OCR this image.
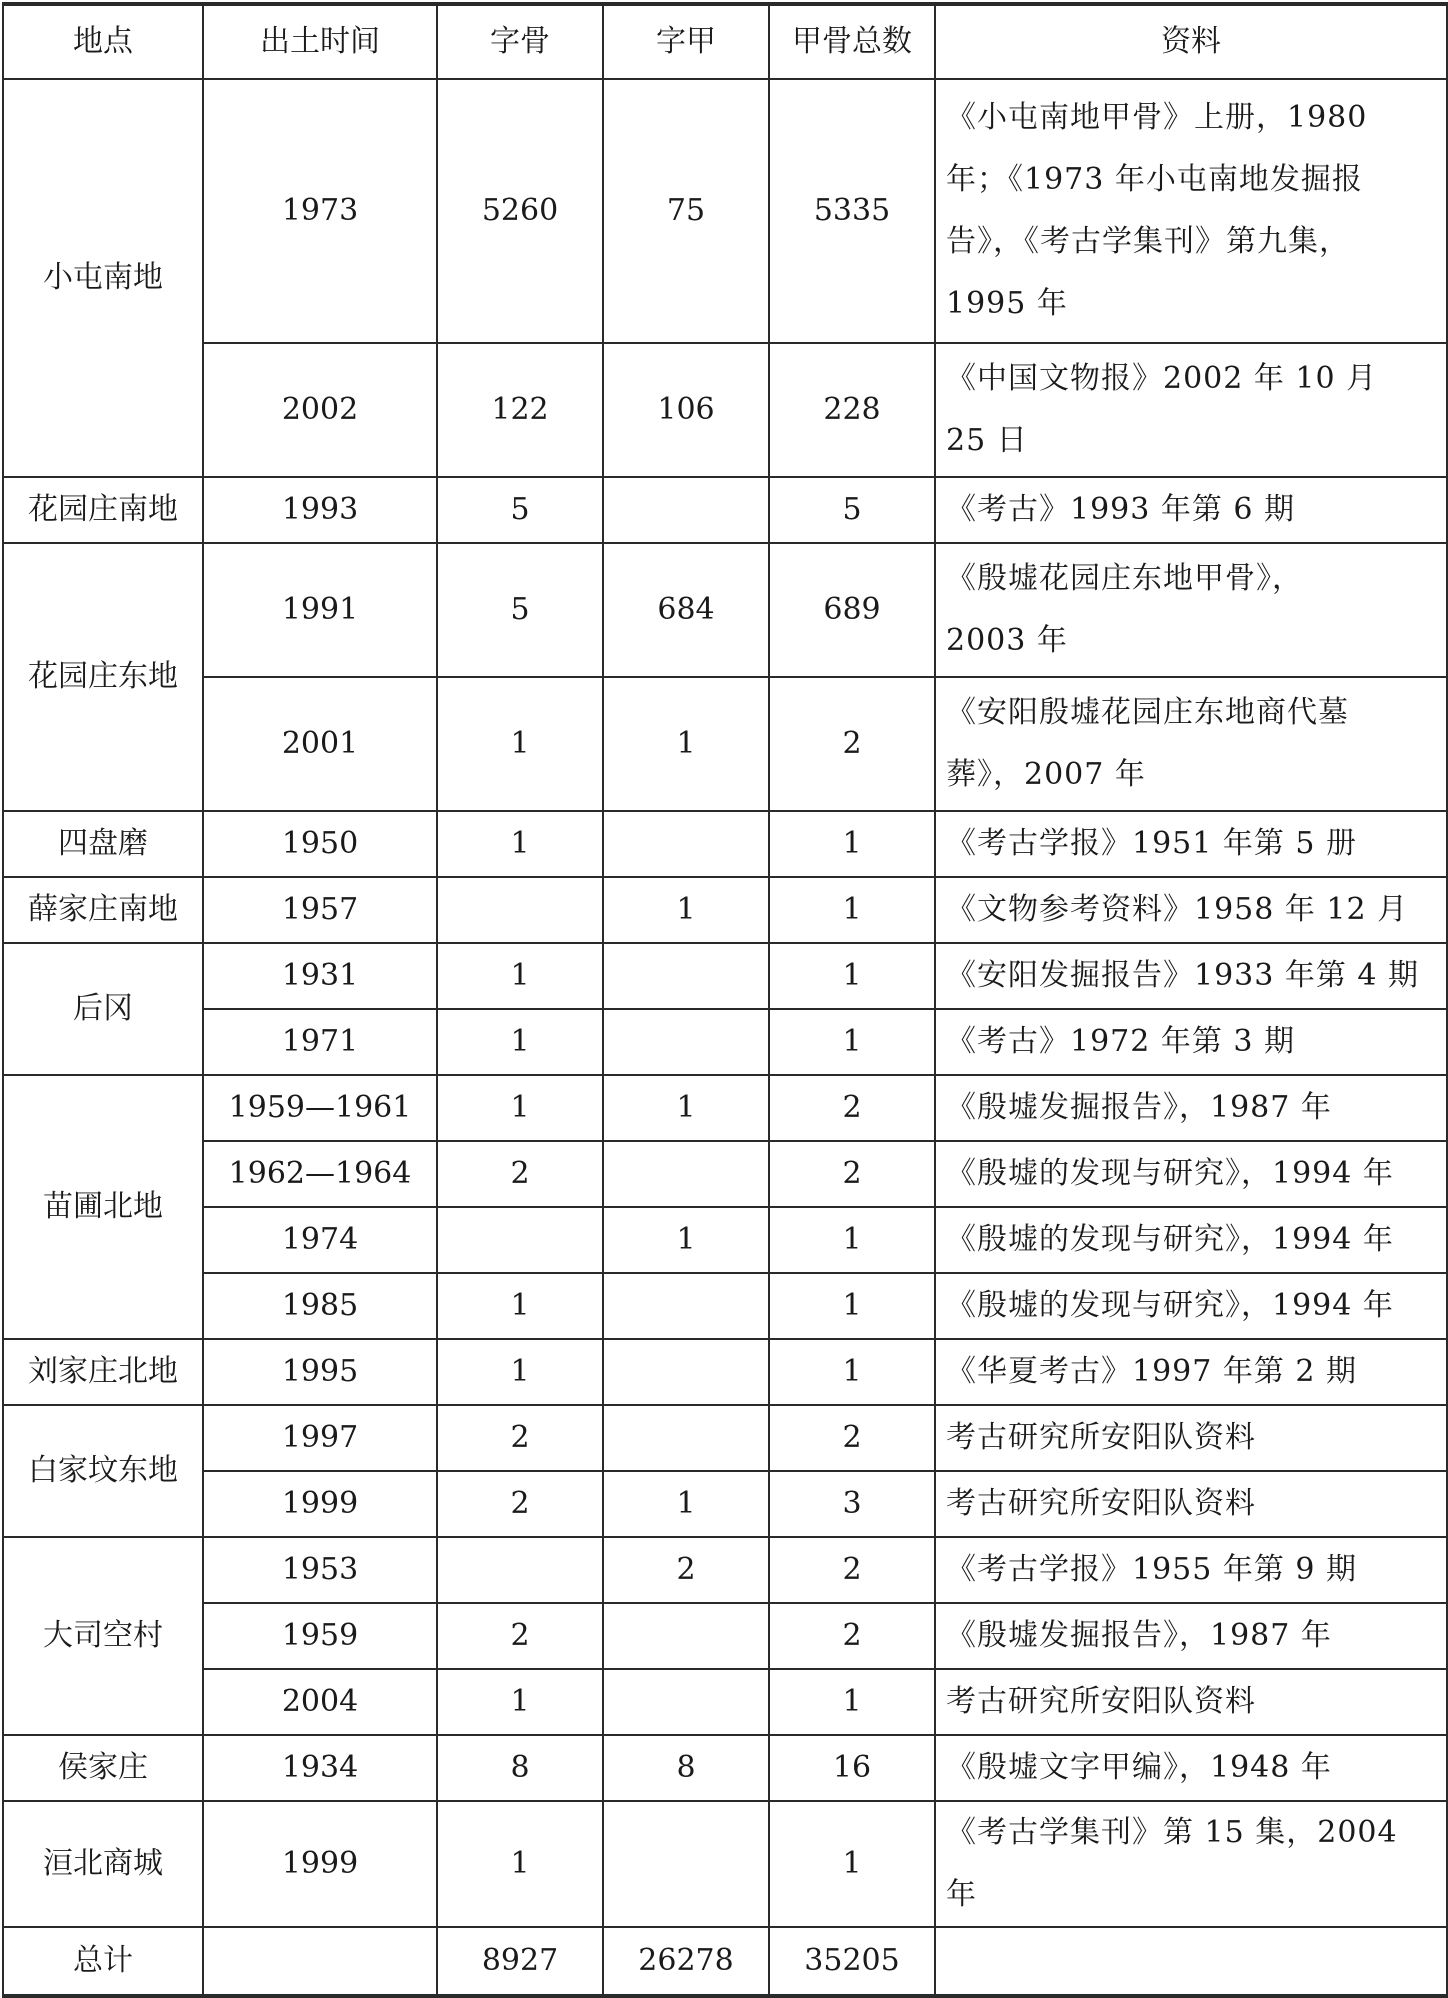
地点	出土时间	字骨	字甲	甲骨总数	资料
小屯南地	1973	5260	75	5335	《小屯南地甲骨》上册，1980
年；《1973 年小屯南地发掘报
告》，《考古学集刊》第九集，
1995 年

	2002	122	106	228	《中国文物报》2002 年 10 月
25 日

花园庄南地	1993	5		5	《考古》1993 年第 6 期

花园庄东地	1991	5	684	689	《殷墟花园庄东地甲骨》，
2003 年

	2001	1	1	2	《安阳殷墟花园庄东地商代墓
葬》，2007 年

四盘磨	1950	1		1	《考古学报》1951 年第 5 册

薛家庄南地	1957		1	1	《文物参考资料》1958 年 12 月

后冈	1931	1		1	《安阳发掘报告》1933 年第 4 期

	1971	1		1	《考古》1972 年第 3 期

苗圃北地	1959—1961	1	1	2	《殷墟发掘报告》，1987 年

	1962—1964	2		2	《殷墟的发现与研究》，1994 年

	1974		1	1	《殷墟的发现与研究》，1994 年

	1985	1		1	《殷墟的发现与研究》，1994 年

刘家庄北地	1995	1		1	《华夏考古》1997 年第 2 期

白家坟东地	1997	2		2	考古研究所安阳队资料

	1999	2	1	3	考古研究所安阳队资料

大司空村	1953		2	2	《考古学报》1955 年第 9 期

	1959	2		2	《殷墟发掘报告》，1987 年

	2004	1		1	考古研究所安阳队资料

侯家庄	1934	8	8	16	《殷墟文字甲编》，1948 年

洹北商城	1999	1		1	《考古学集刊》第 15 集，2004 年

总计		8927	26278	35205	
